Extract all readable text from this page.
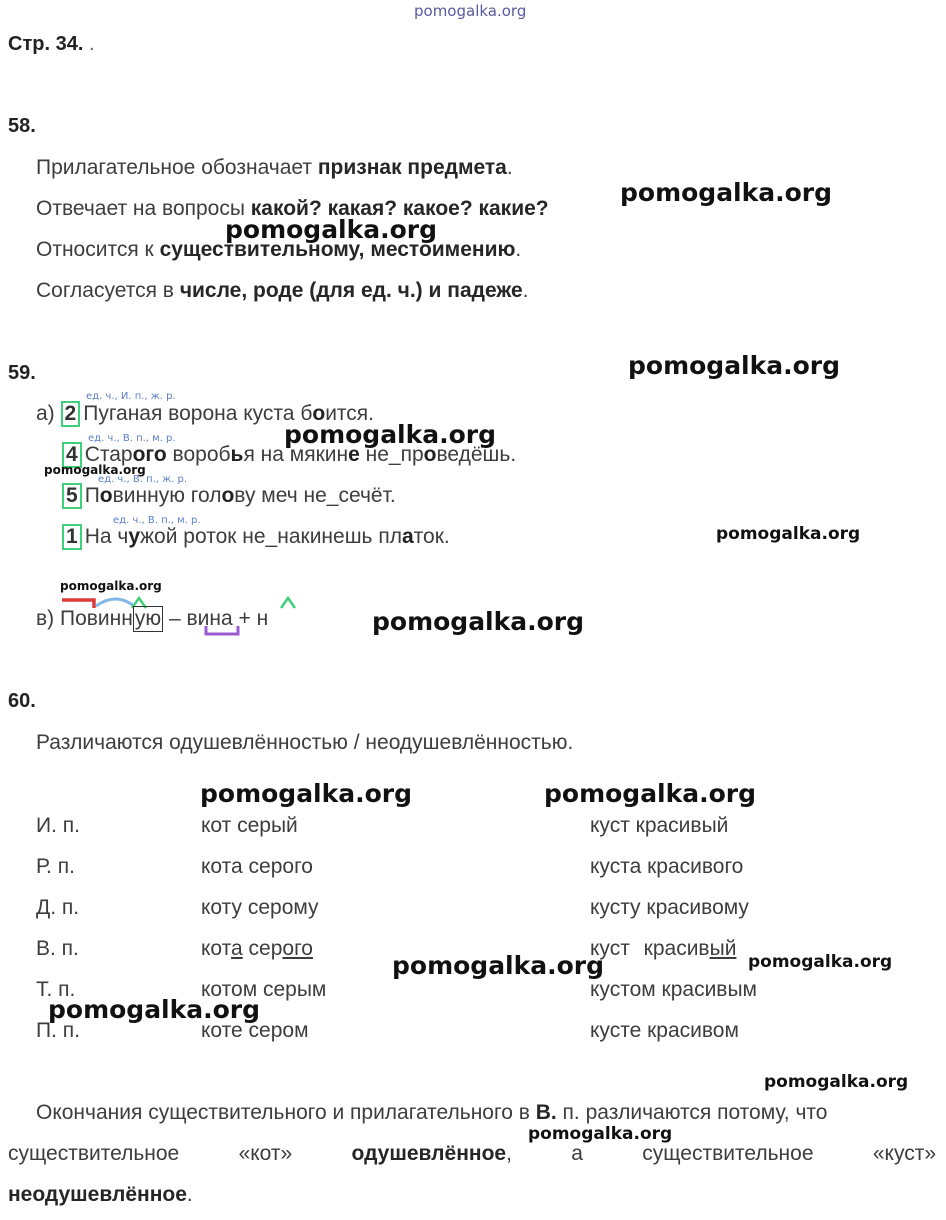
pomogalka.org
Стр. 34. .
58.
Прилагательное обозначает признак предмета.
Отвечает на вопросы какой? какая? какое? какие?
Относится к существительному, местоимению.
Согласуется в числе, роде (для ед. ч.) и падеже.
59.
ед. ч., И. п., ж. р.
а) 2 Пуганая ворона куста боится.
ед. ч., В. п., м. р.
4 Старого воробья на мякине не_проведёшь.
ед. ч., В. п., ж. р.
5 Повинную голову меч не_сечёт.
ед. ч., В. п., м. р.
1 На чужой роток не_накинешь платок.
в) Повинную – вина + н
60.
Различаются одушевлённостью / неодушевлённостью.
И. п.	кот серый	куст красивый
Р. п.	кота серого	куста красивого
Д. п.	коту серому	кусту красивому
В. п.	кота серого	куст красивый
Т. п.	котом серым	кустом красивым
П. п.	коте сером	кусте красивом
Окончания существительного и прилагательного в В. п. различаются потому, что
существительное «кот» одушевлённое, а существительное «куст»
неодушевлённое.
pomogalka.org
pomogalka.org
pomogalka.org
pomogalka.org
pomogalka.org
pomogalka.org
pomogalka.org
pomogalka.org
pomogalka.org	pomogalka.org
pomogalka.org
pomogalka.org
pomogalka.org
pomogalka.org
pomogalka.org
